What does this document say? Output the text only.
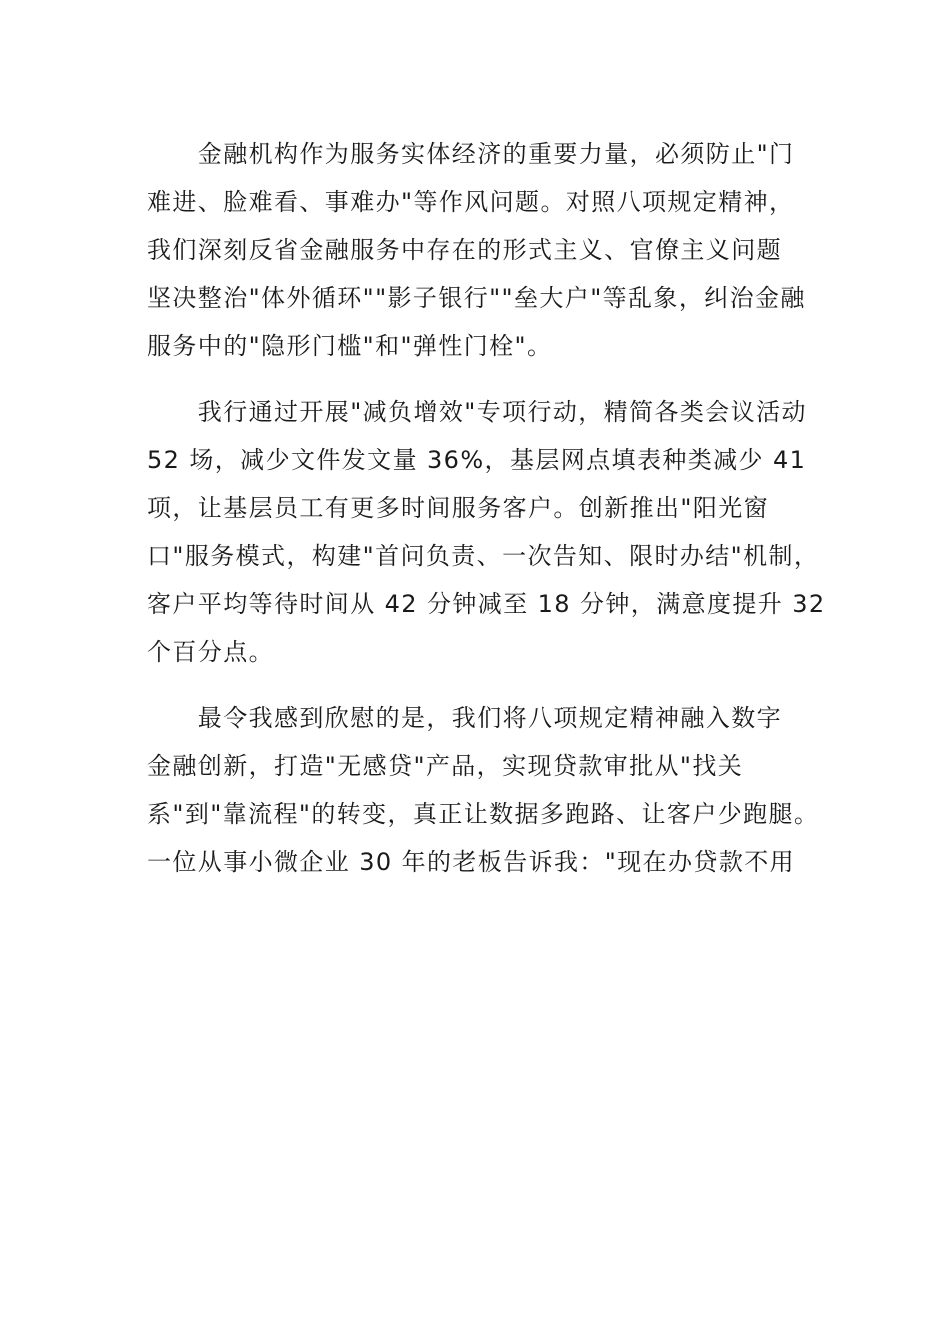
　　金融机构作为服务实体经济的重要力量，必须防止"门
难进、脸难看、事难办"等作风问题。对照八项规定精神，
我们深刻反省金融服务中存在的形式主义、官僚主义问题
坚决整治"体外循环""影子银行""垒大户"等乱象，纠治金融
服务中的"隐形门槛"和"弹性门栓"。
　　我行通过开展"减负增效"专项行动，精简各类会议活动
52 场，减少文件发文量 36%，基层网点填表种类减少 41
项，让基层员工有更多时间服务客户。创新推出"阳光窗
口"服务模式，构建"首问负责、一次告知、限时办结"机制，
客户平均等待时间从 42 分钟减至 18 分钟，满意度提升 32
个百分点。
　　最令我感到欣慰的是，我们将八项规定精神融入数字
金融创新，打造"无感贷"产品，实现贷款审批从"找关
系"到"靠流程"的转变，真正让数据多跑路、让客户少跑腿。
一位从事小微企业 30 年的老板告诉我："现在办贷款不用
